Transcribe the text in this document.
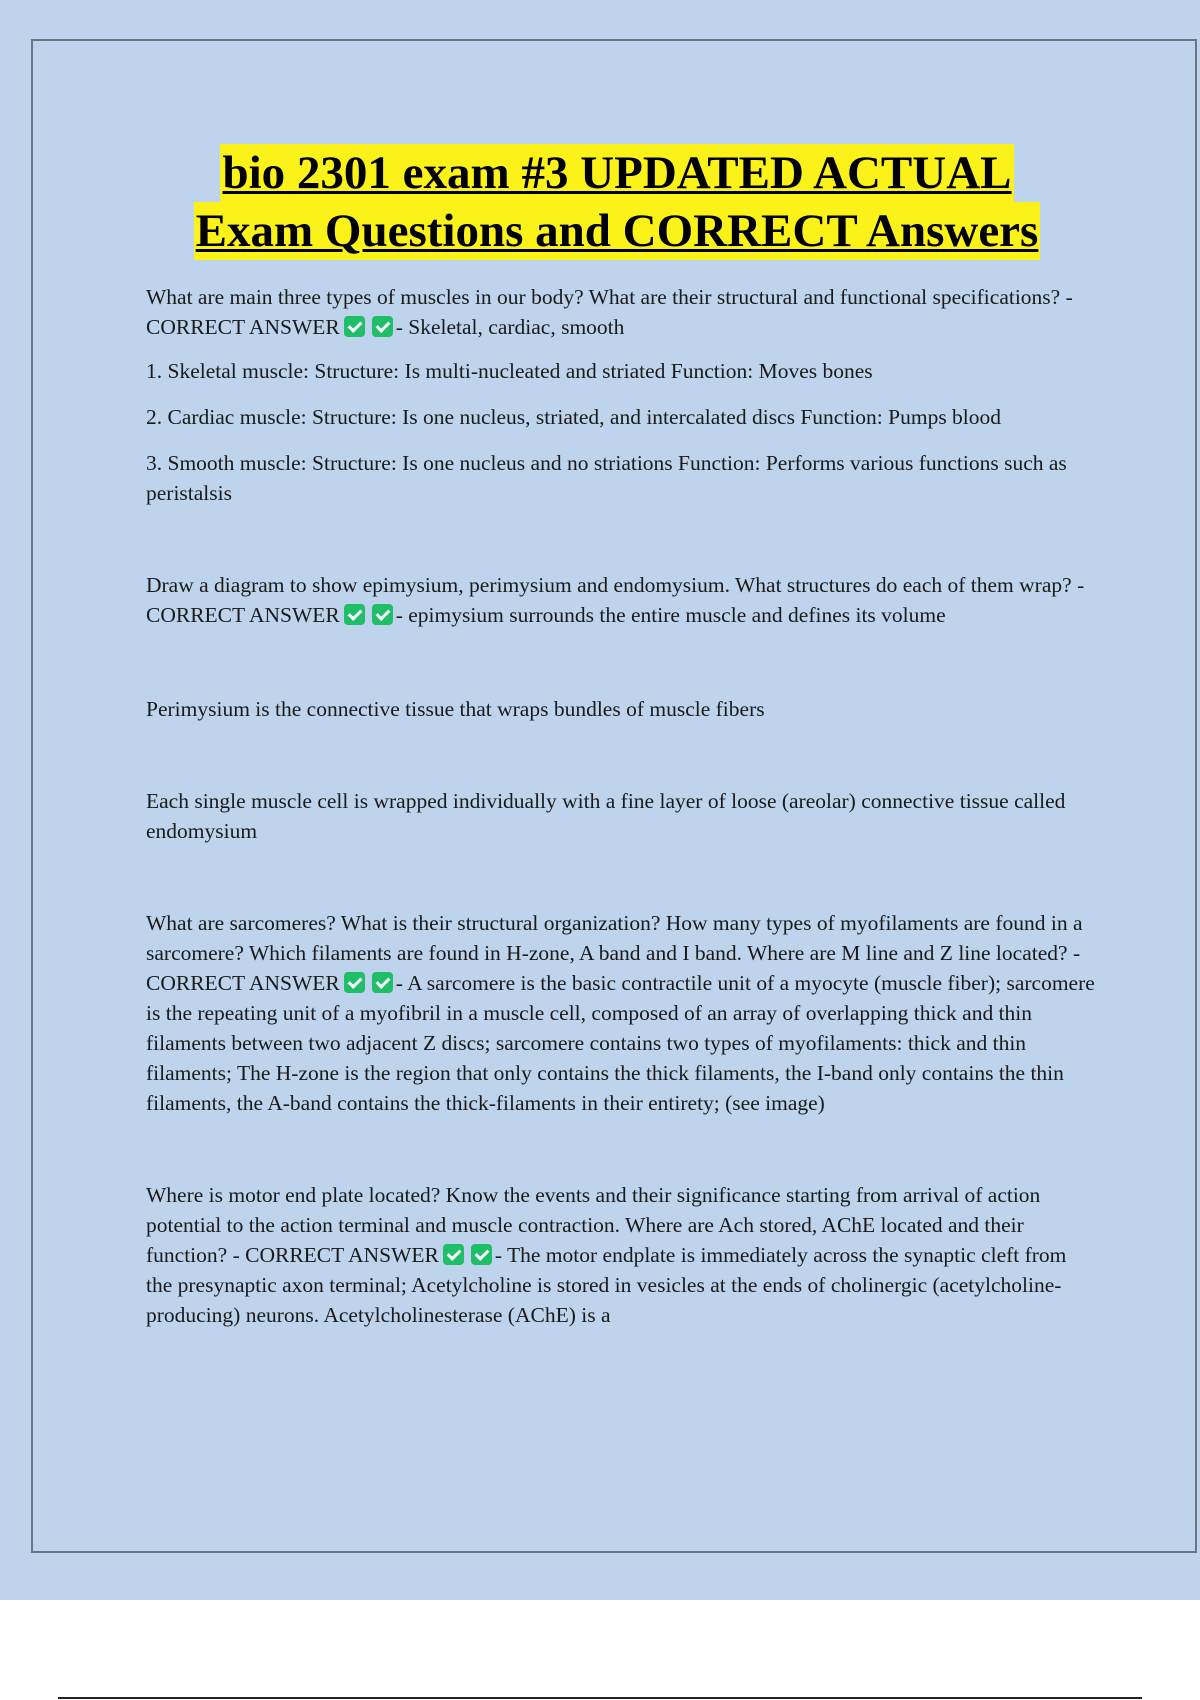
bio 2301 exam #3 UPDATED ACTUAL
Exam Questions and CORRECT Answers

What are main three types of muscles in our body? What are their structural and functional specifications? - CORRECT ANSWER	- Skeletal, cardiac, smooth

1. Skeletal muscle: Structure: Is multi-nucleated and striated Function: Moves bones

2. Cardiac muscle: Structure: Is one nucleus, striated, and intercalated discs Function: Pumps blood

3. Smooth muscle: Structure: Is one nucleus and no striations Function: Performs various functions such as peristalsis

Draw a diagram to show epimysium, perimysium and endomysium. What structures do each of them wrap? - CORRECT ANSWER	- epimysium surrounds the entire muscle and defines its volume

Perimysium is the connective tissue that wraps bundles of muscle fibers

Each single muscle cell is wrapped individually with a fine layer of loose (areolar) connective tissue called endomysium

What are sarcomeres? What is their structural organization? How many types of myofilaments are found in a sarcomere? Which filaments are found in H-zone, A band and I band. Where are M line and Z line located? - CORRECT ANSWER	- A sarcomere is the basic contractile unit of a myocyte (muscle fiber); sarcomere is the repeating unit of a myofibril in a muscle cell, composed of an array of overlapping thick and thin filaments between two adjacent Z discs; sarcomere contains two types of myofilaments: thick and thin filaments; The H-zone is the region that only contains the thick filaments, the I-band only contains the thin filaments, the A-band contains the thick-filaments in their entirety; (see image)

Where is motor end plate located? Know the events and their significance starting from arrival of action potential to the action terminal and muscle contraction. Where are Ach stored, AChE located and their function? - CORRECT ANSWER	- The motor endplate is immediately across the synaptic cleft from the presynaptic axon terminal; Acetylcholine is stored in vesicles at the ends of cholinergic (acetylcholine-producing) neurons. Acetylcholinesterase (AChE) is a
